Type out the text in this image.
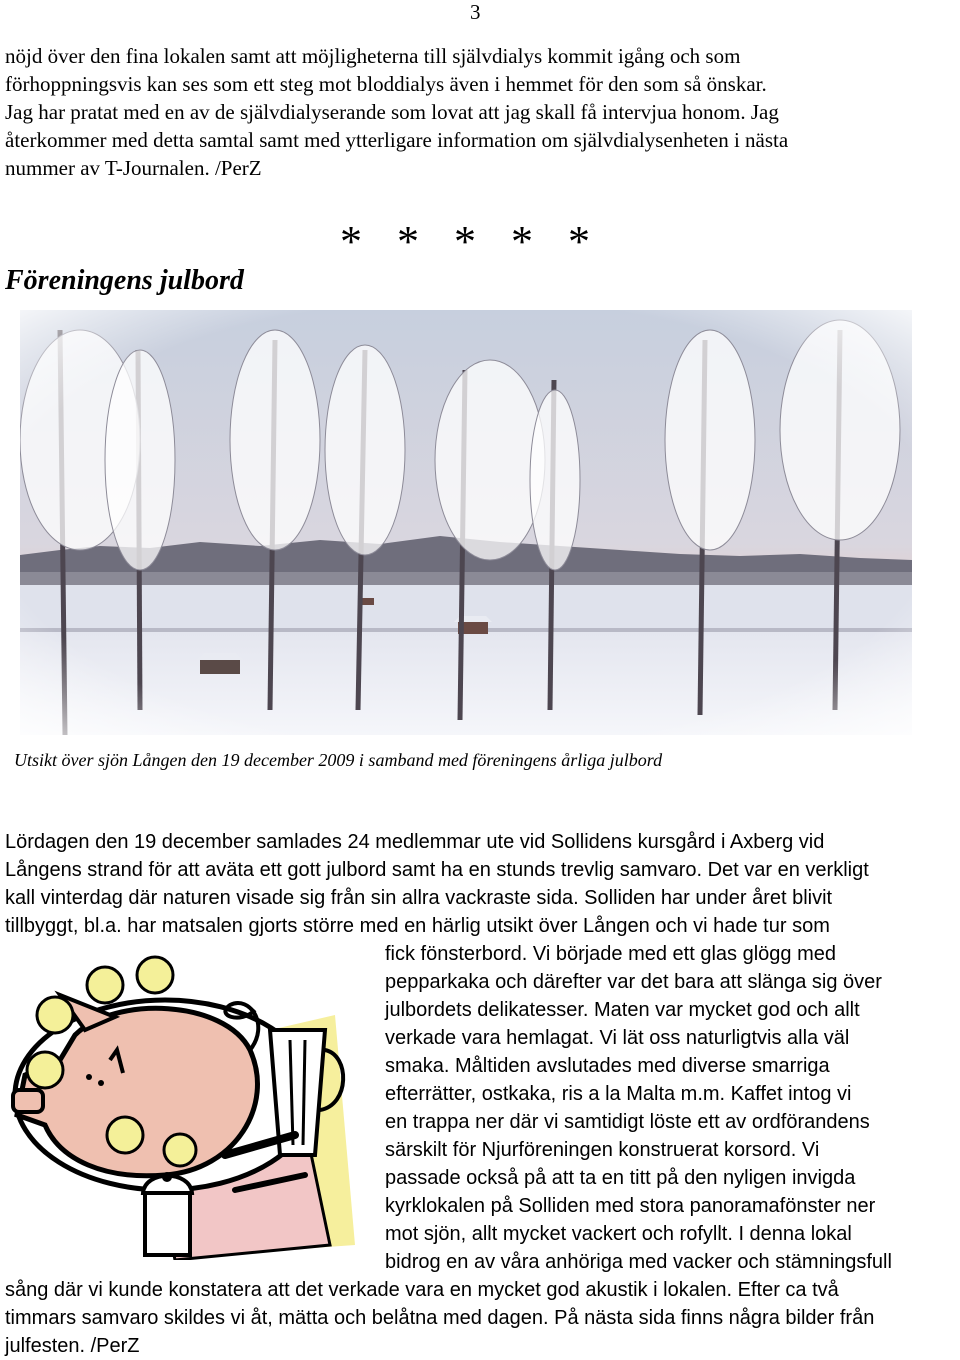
3

nöjd över den fina lokalen samt att möjligheterna till självdialys kommit igång och som
förhoppningsvis kan ses som ett steg mot bloddialys även i hemmet för den som så önskar.
Jag har pratat med en av de självdialyserande som lovat att jag skall få intervjua honom. Jag
återkommer med detta samtal samt med ytterligare information om självdialysenheten i nästa
nummer av T-Journalen. /PerZ

* * * * *
Föreningens julbord
Utsikt över sjön Lången den 19 december 2009 i samband med föreningens årliga julbord

Lördagen den 19 december samlades 24 medlemmar ute vid Sollidens kursgård i Axberg vid
Långens strand för att aväta ett gott julbord samt ha en stunds trevlig samvaro. Det var en verkligt
kall vinterdag där naturen visade sig från sin allra vackraste sida. Solliden har under året blivit
tillbyggt, bl.a. har matsalen gjorts större med en härlig utsikt över Lången och vi hade tur som

fick fönsterbord. Vi började med ett glas glögg med
pepparkaka och därefter var det bara att slänga sig över
julbordets delikatesser. Maten var mycket god och allt
verkade vara hemlagat. Vi lät oss naturligtvis alla väl
smaka. Måltiden avslutades med diverse smarriga
efterrätter, ostkaka, ris a la Malta m.m. Kaffet intog vi
en trappa ner där vi samtidigt löste ett av ordförandens
särskilt för Njurföreningen konstruerat korsord. Vi
passade också på att ta en titt på den nyligen invigda
kyrklokalen på Solliden med stora panoramafönster ner
mot sjön, allt mycket vackert och rofyllt. I denna lokal
bidrog en av våra anhöriga med vacker och stämningsfull

sång där vi kunde konstatera att det verkade vara en mycket god akustik i lokalen. Efter ca två
timmars samvaro skildes vi åt, mätta och belåtna med dagen. På nästa sida finns några bilder från
julfesten. /PerZ
